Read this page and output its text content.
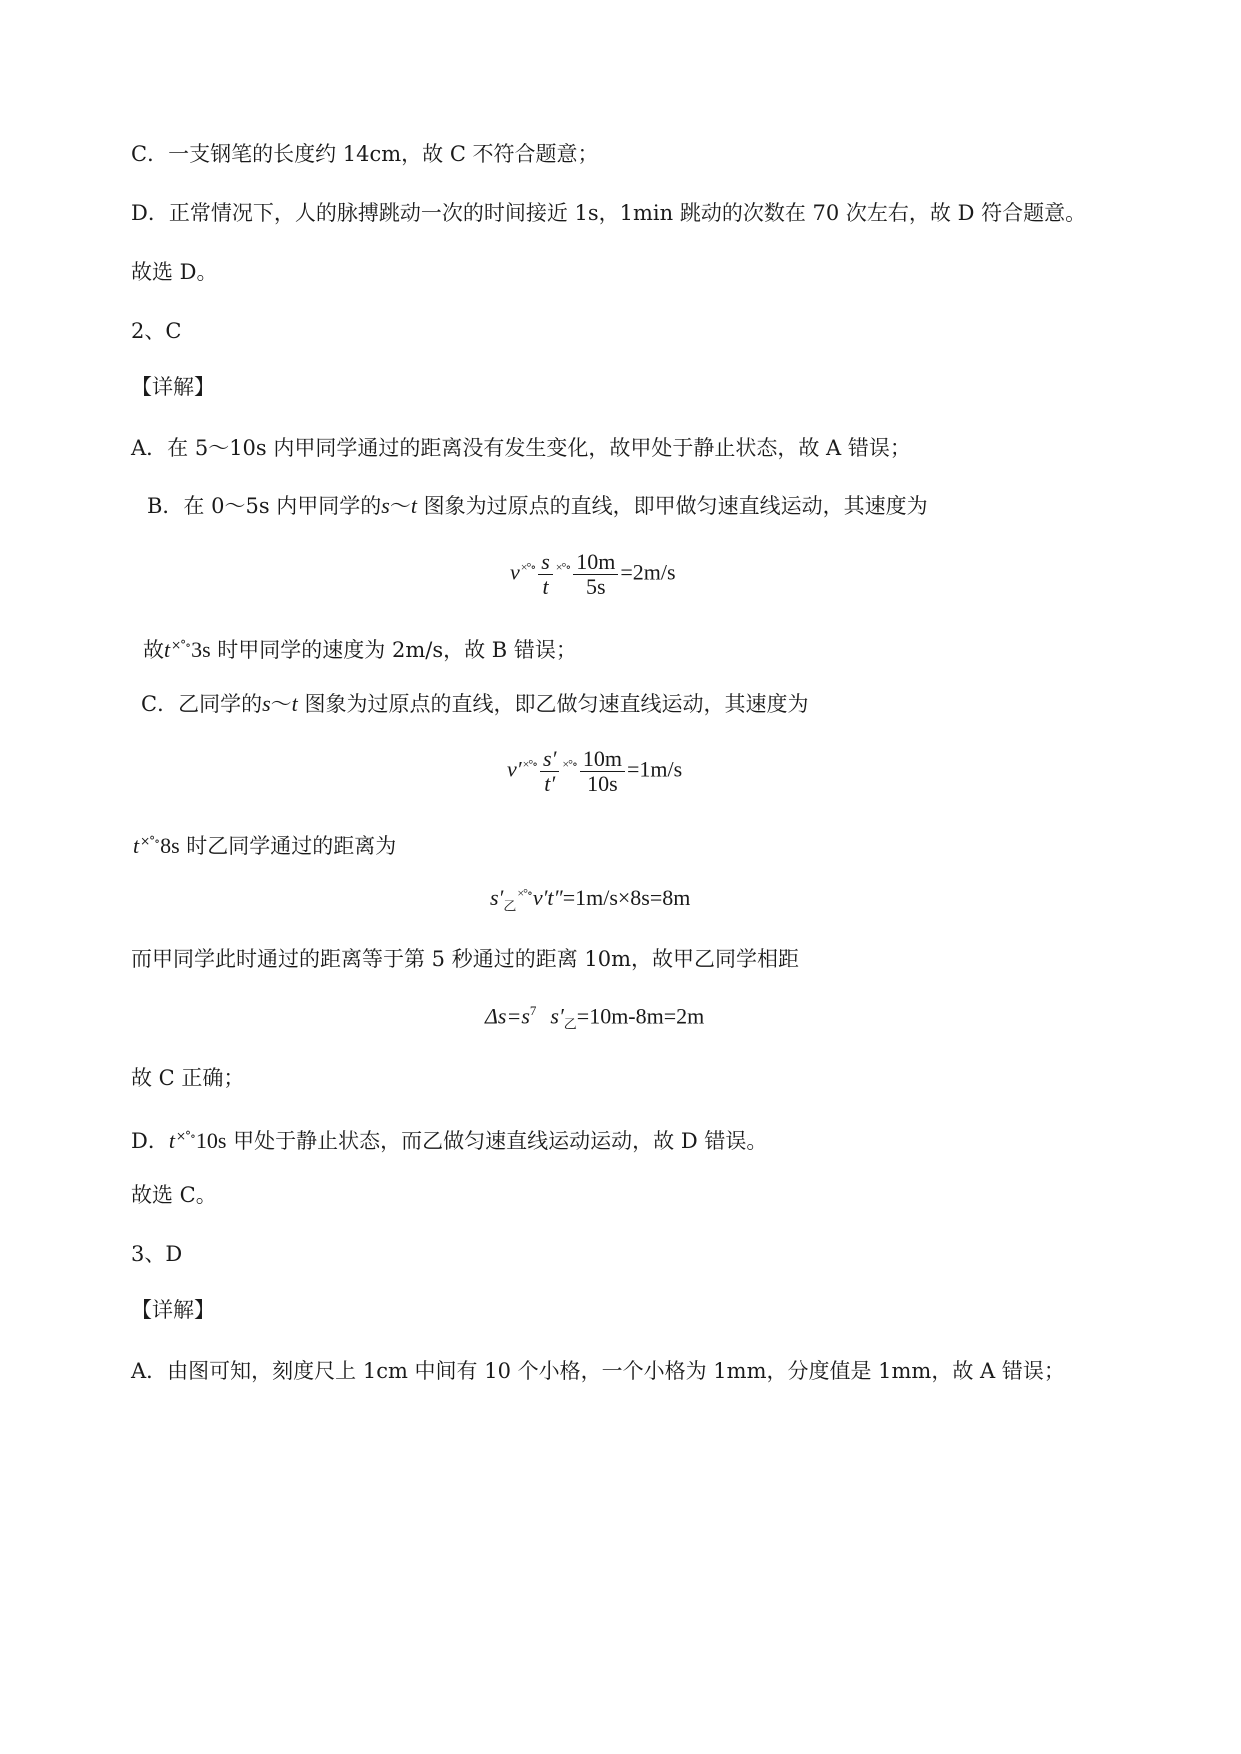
C．一支钢笔的长度约 14cm，故 C 不符合题意；
D．正常情况下，人的脉搏跳动一次的时间接近 1s，1min 跳动的次数在 70 次左右，故 D 符合题意。
故选 D。
2、C
【详解】
A．在 5～10s 内甲同学通过的距离没有发生变化，故甲处于静止状态，故 A 错误；
B．在 0～5s 内甲同学的s～t 图象为过原点的直线，即甲做匀速直线运动，其速度为
$v^{\times^\circ\circ} \frac{s}{t} ^{\times^\circ\circ} \frac{10m}{5s} =2m/s$
故t×°∘3s 时甲同学的速度为 2m/s，故 B 错误；
C．乙同学的s～t 图象为过原点的直线，即乙做匀速直线运动，其速度为
$v'^{\times^\circ\circ} \frac{s'}{t'} ^{\times^\circ\circ} \frac{10m}{10s} =1m/s$
t×°∘8s 时乙同学通过的距离为
$s'_乙^{\times^\circ\circ}v't''=1m/s\times 8s=8m$
而甲同学此时通过的距离等于第 5 秒通过的距离 10m，故甲乙同学相距
$\Delta s=s^7$ $s'_乙=10m-8m=2m$
故 C 正确；
D．t×°∘10s 甲处于静止状态，而乙做匀速直线运动运动，故 D 错误。
故选 C。
3、D
【详解】
A．由图可知，刻度尺上 1cm 中间有 10 个小格，一个小格为 1mm，分度值是 1mm，故 A 错误；
